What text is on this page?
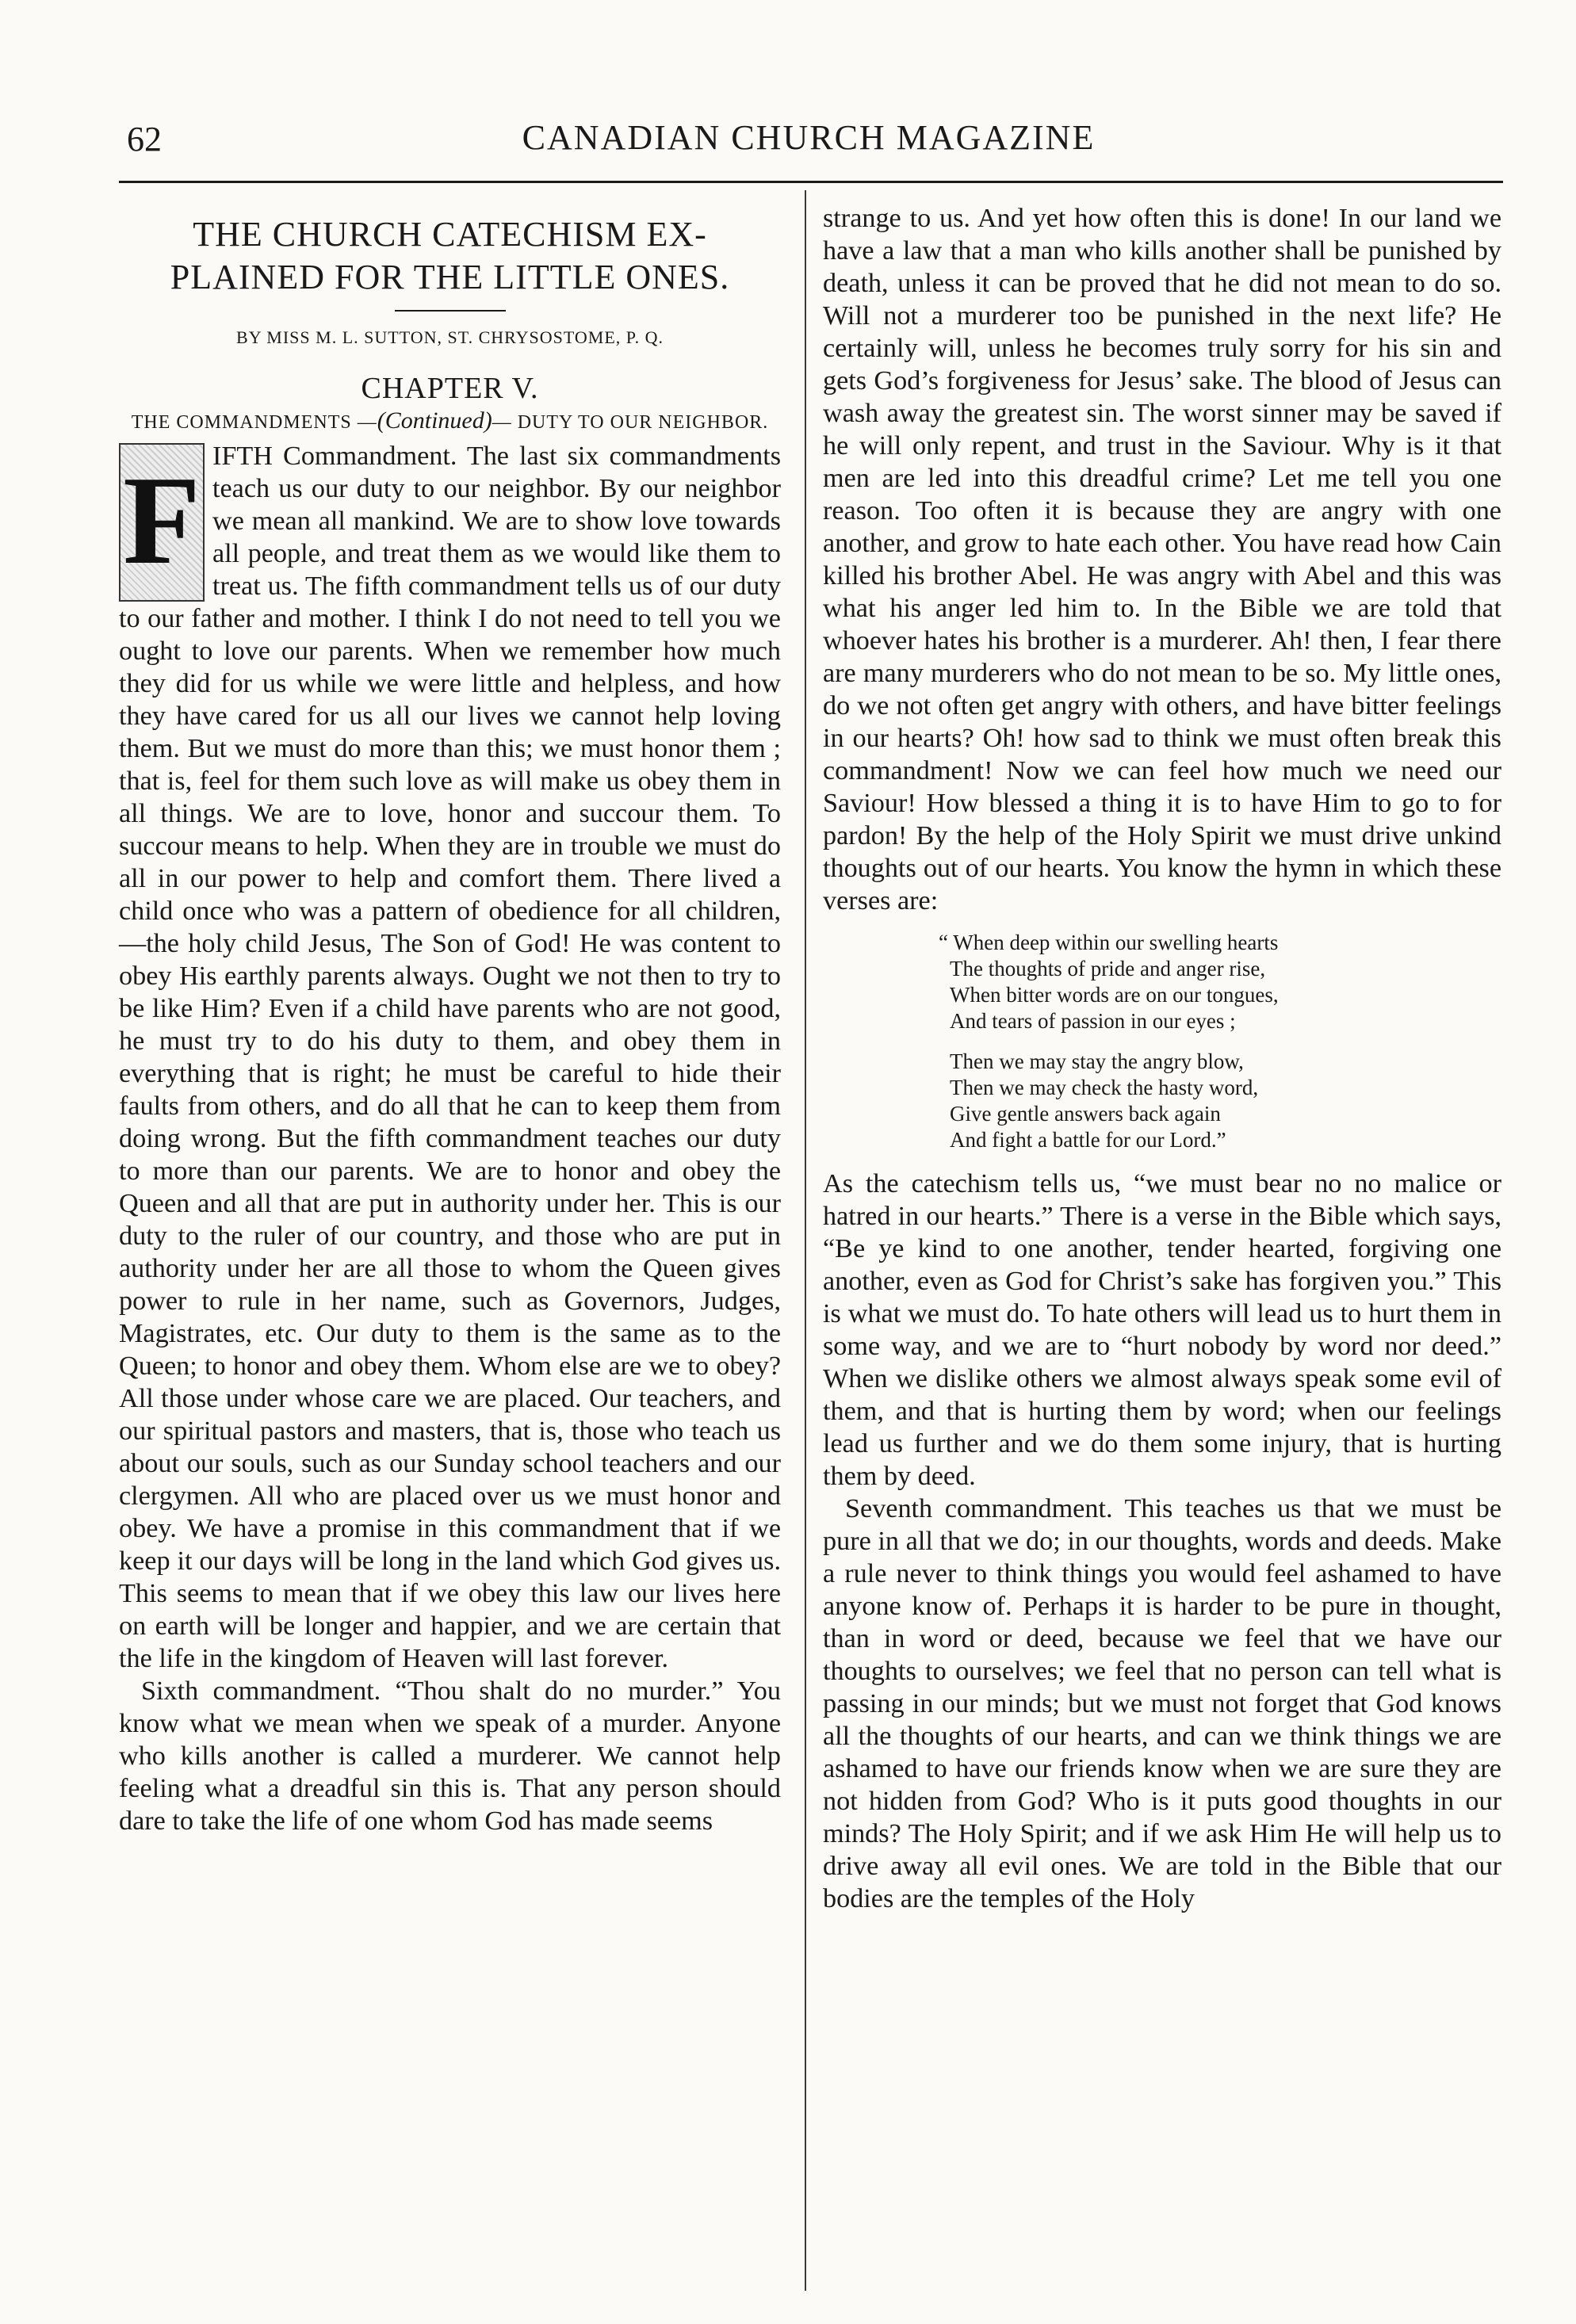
62	CANADIAN CHURCH MAGAZINE
THE CHURCH CATECHISM EX- PLAINED FOR THE LITTLE ONES.
BY MISS M. L. SUTTON, ST. CHRYSOSTOME, P. Q.
CHAPTER V.
THE COMMANDMENTS —(Continued)— DUTY TO OUR NEIGHBOR.

FIFTH Commandment. The last six commandments teach us our duty to our neighbor. By our neighbor we mean all mankind. We are to show love towards all people, and treat them as we would like them to treat us. The fifth commandment tells us of our duty to our father and mother. I think I do not need to tell you we ought to love our parents. When we remember how much they did for us while we were little and helpless, and how they have cared for us all our lives we cannot help loving them. But we must do more than this; we must honor them ; that is, feel for them such love as will make us obey them in all things. We are to love, honor and succour them. To succour means to help. When they are in trouble we must do all in our power to help and comfort them. There lived a child once who was a pattern of obedience for all children,—the holy child Jesus, The Son of God! He was content to obey His earthly parents always. Ought we not then to try to be like Him? Even if a child have parents who are not good, he must try to do his duty to them, and obey them in everything that is right; he must be careful to hide their faults from others, and do all that he can to keep them from doing wrong. But the fifth commandment teaches our duty to more than our parents. We are to honor and obey the Queen and all that are put in authority under her. This is our duty to the ruler of our country, and those who are put in authority under her are all those to whom the Queen gives power to rule in her name, such as Governors, Judges, Magistrates, etc. Our duty to them is the same as to the Queen; to honor and obey them. Whom else are we to obey? All those under whose care we are placed. Our teachers, and our spiritual pastors and masters, that is, those who teach us about our souls, such as our Sunday school teachers and our clergymen. All who are placed over us we must honor and obey. We have a promise in this commandment that if we keep it our days will be long in the land which God gives us. This seems to mean that if we obey this law our lives here on earth will be longer and happier, and we are certain that the life in the kingdom of Heaven will last forever.

Sixth commandment. “Thou shalt do no murder.” You know what we mean when we speak of a murder. Anyone who kills another is called a murderer. We cannot help feeling what a dreadful sin this is. That any person should dare to take the life of one whom God has made seems

strange to us. And yet how often this is done! In our land we have a law that a man who kills another shall be punished by death, unless it can be proved that he did not mean to do so. Will not a murderer too be punished in the next life? He certainly will, unless he becomes truly sorry for his sin and gets God’s forgiveness for Jesus’ sake. The blood of Jesus can wash away the greatest sin. The worst sinner may be saved if he will only repent, and trust in the Saviour. Why is it that men are led into this dreadful crime? Let me tell you one reason. Too often it is because they are angry with one another, and grow to hate each other. You have read how Cain killed his brother Abel. He was angry with Abel and this was what his anger led him to. In the Bible we are told that whoever hates his brother is a murderer. Ah! then, I fear there are many murderers who do not mean to be so. My little ones, do we not often get angry with others, and have bitter feelings in our hearts? Oh! how sad to think we must often break this commandment! Now we can feel how much we need our Saviour! How blessed a thing it is to have Him to go to for pardon! By the help of the Holy Spirit we must drive unkind thoughts out of our hearts. You know the hymn in which these verses are:

“ When deep within our swelling hearts
The thoughts of pride and anger rise,
When bitter words are on our tongues,
And tears of passion in our eyes ;
Then we may stay the angry blow,
Then we may check the hasty word,
Give gentle answers back again
And fight a battle for our Lord.”

As the catechism tells us, “we must bear no no malice or hatred in our hearts.” There is a verse in the Bible which says, “Be ye kind to one another, tender hearted, forgiving one another, even as God for Christ’s sake has forgiven you.” This is what we must do. To hate others will lead us to hurt them in some way, and we are to “hurt nobody by word nor deed.” When we dislike others we almost always speak some evil of them, and that is hurting them by word; when our feelings lead us further and we do them some injury, that is hurting them by deed.

Seventh commandment. This teaches us that we must be pure in all that we do; in our thoughts, words and deeds. Make a rule never to think things you would feel ashamed to have anyone know of. Perhaps it is harder to be pure in thought, than in word or deed, because we feel that we have our thoughts to ourselves; we feel that no person can tell what is passing in our minds; but we must not forget that God knows all the thoughts of our hearts, and can we think things we are ashamed to have our friends know when we are sure they are not hidden from God? Who is it puts good thoughts in our minds? The Holy Spirit; and if we ask Him He will help us to drive away all evil ones. We are told in the Bible that our bodies are the temples of the Holy
